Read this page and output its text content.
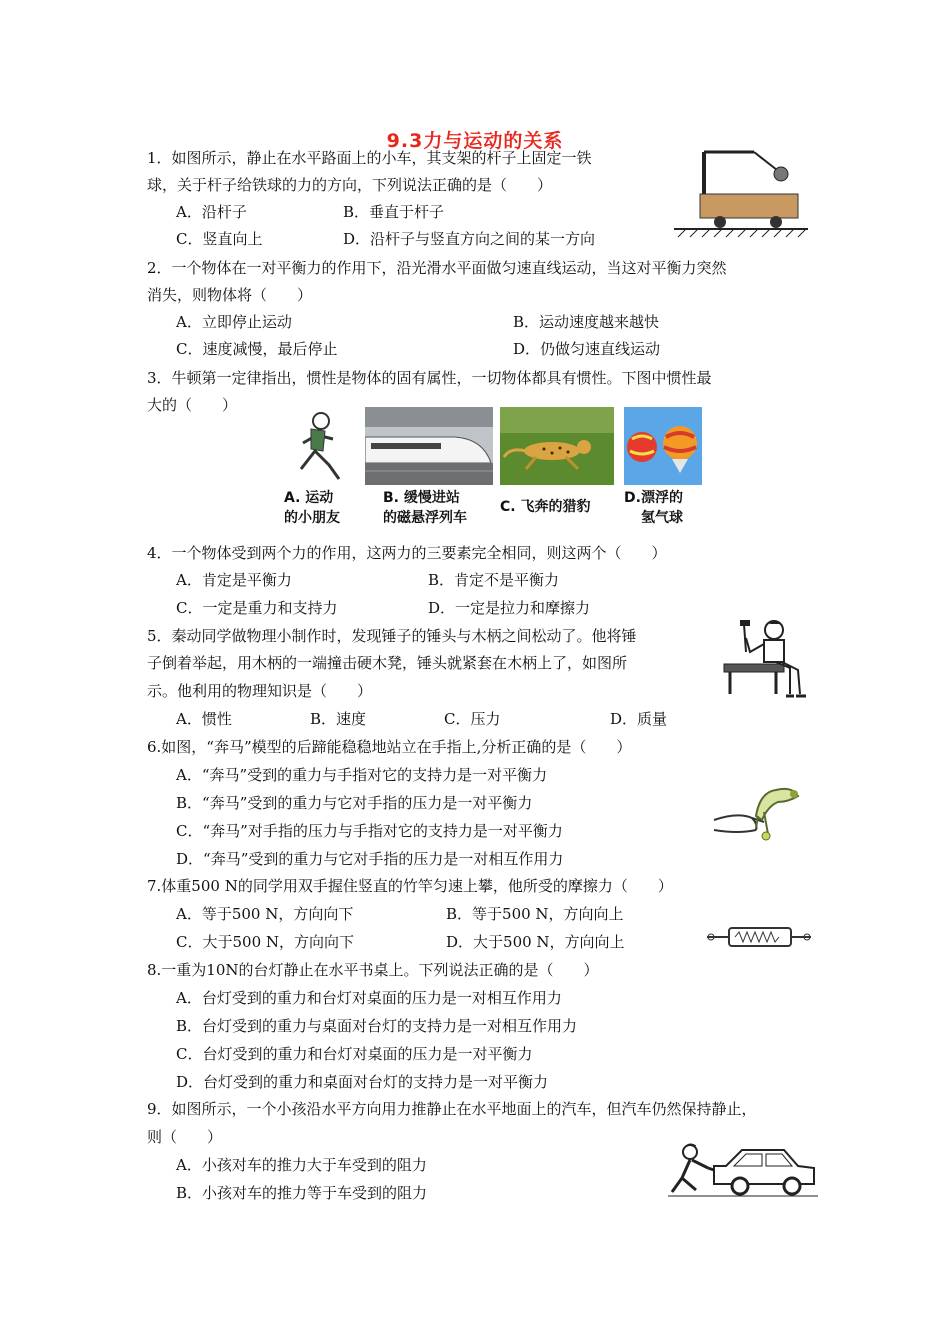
9.3力与运动的关系
1．如图所示，静止在水平路面上的小车，其支架的杆子上固定一铁
球，关于杆子给铁球的力的方向，下列说法正确的是（　　）
A．沿杆子	B．垂直于杆子
C．竖直向上	D．沿杆子与竖直方向之间的某一方向
2．一个物体在一对平衡力的作用下，沿光滑水平面做匀速直线运动，当这对平衡力突然
消失，则物体将（　　）
A．立即停止运动	B．运动速度越来越快
C．速度减慢，最后停止	D．仍做匀速直线运动
3．牛顿第一定律指出，惯性是物体的固有属性，一切物体都具有惯性。下图中惯性最
大的（　　）
A. 运动
的小朋友
B. 缓慢进站
的磁悬浮列车
C. 飞奔的猎豹
D.漂浮的
氢气球
4．一个物体受到两个力的作用，这两力的三要素完全相同，则这两个（　　）
A．肯定是平衡力	B．肯定不是平衡力
C．一定是重力和支持力	D．一定是拉力和摩擦力
5．秦动同学做物理小制作时，发现锤子的锤头与木柄之间松动了。他将锤
子倒着举起，用木柄的一端撞击硬木凳，锤头就紧套在木柄上了，如图所
示。他利用的物理知识是（　　）
A．惯性	B．速度	C．压力	D．质量
6.如图，“奔马”模型的后蹄能稳稳地站立在手指上,分析正确的是（　　）
A．“奔马”受到的重力与手指对它的支持力是一对平衡力
B．“奔马”受到的重力与它对手指的压力是一对平衡力
C．“奔马”对手指的压力与手指对它的支持力是一对平衡力
D．“奔马”受到的重力与它对手指的压力是一对相互作用力
7.体重500 N的同学用双手握住竖直的竹竿匀速上攀，他所受的摩擦力（　　）
A．等于500 N，方向向下	B．等于500 N，方向向上
C．大于500 N，方向向下	D．大于500 N，方向向上
8.一重为10N的台灯静止在水平书桌上。下列说法正确的是（　　）
A．台灯受到的重力和台灯对桌面的压力是一对相互作用力
B．台灯受到的重力与桌面对台灯的支持力是一对相互作用力
C．台灯受到的重力和台灯对桌面的压力是一对平衡力
D．台灯受到的重力和桌面对台灯的支持力是一对平衡力
9．如图所示，一个小孩沿水平方向用力推静止在水平地面上的汽车，但汽车仍然保持静止，
则（　　）
A．小孩对车的推力大于车受到的阻力
B．小孩对车的推力等于车受到的阻力
